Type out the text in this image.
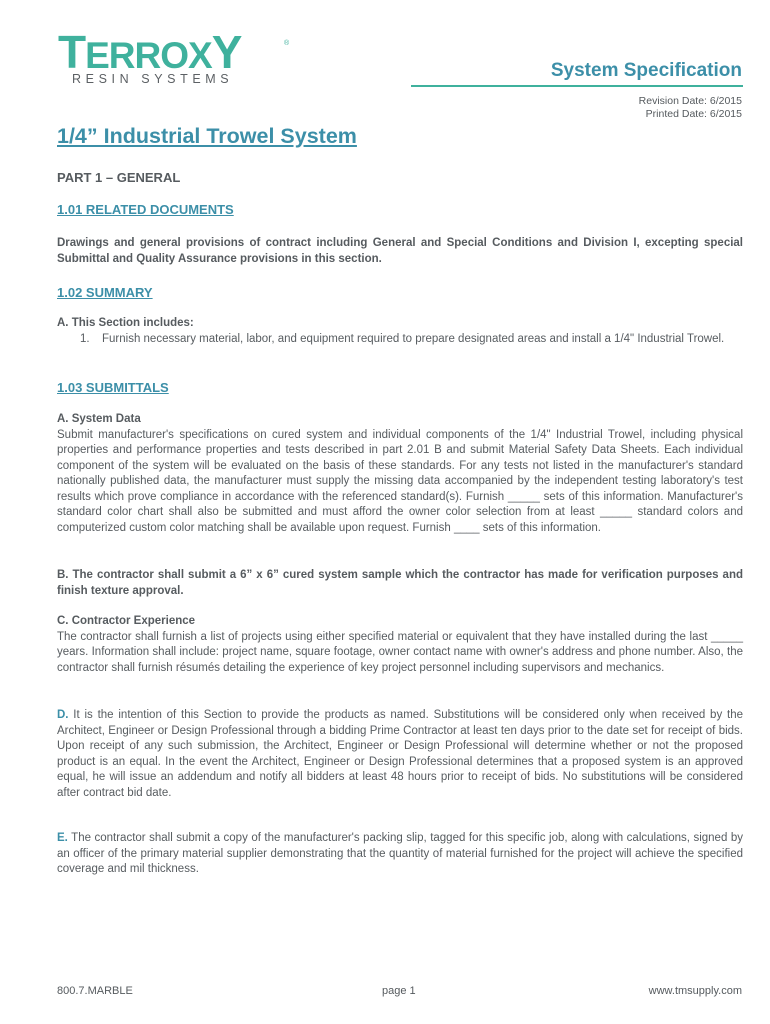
TERROXY	®
RESIN SYSTEMS	System Specification
Revision Date: 6/2015
Printed Date: 6/2015
1/4” Industrial Trowel System
PART 1 – GENERAL
1.01 RELATED DOCUMENTS

Drawings and general provisions of contract including General and Special Conditions and Division I, excepting special Submittal and Quality Assurance provisions in this section.

1.02 SUMMARY
A. This Section includes:
1. Furnish necessary material, labor, and equipment required to prepare designated areas and install a 1/4" Industrial Trowel.
1.03 SUBMITTALS
A. System Data

Submit manufacturer's specifications on cured system and individual components of the 1/4" Industrial Trowel, including physical properties and performance properties and tests described in part 2.01 B and submit Material Safety Data Sheets. Each individual component of the system will be evaluated on the basis of these standards. For any tests not listed in the manufacturer's standard nationally published data, the manufacturer must supply the missing data accompanied by the independent testing laboratory's test results which prove compliance in accordance with the referenced standard(s). Furnish _____ sets of this information. Manufacturer's standard color chart shall also be submitted and must afford the owner color selection from at least _____ standard colors and computerized custom color matching shall be available upon request. Furnish ____ sets of this information.

B. The contractor shall submit a 6” x 6” cured system sample which the contractor has made for verification purposes and finish texture approval.

C. Contractor Experience

The contractor shall furnish a list of projects using either specified material or equivalent that they have installed during the last _____ years. Information shall include: project name, square footage, owner contact name with owner's address and phone number. Also, the contractor shall furnish résumés detailing the experience of key project personnel including supervisors and mechanics.

D. It is the intention of this Section to provide the products as named. Substitutions will be considered only when received by the Architect, Engineer or Design Professional through a bidding Prime Contractor at least ten days prior to the date set for receipt of bids. Upon receipt of any such submission, the Architect, Engineer or Design Professional will determine whether or not the proposed product is an equal. In the event the Architect, Engineer or Design Professional determines that a proposed system is an approved equal, he will issue an addendum and notify all bidders at least 48 hours prior to receipt of bids. No substitutions will be considered after contract bid date.

E. The contractor shall submit a copy of the manufacturer's packing slip, tagged for this specific job, along with calculations, signed by an officer of the primary material supplier demonstrating that the quantity of material furnished for the project will achieve the specified coverage and mil thickness.

800.7.MARBLE	page 1	www.tmsupply.com
